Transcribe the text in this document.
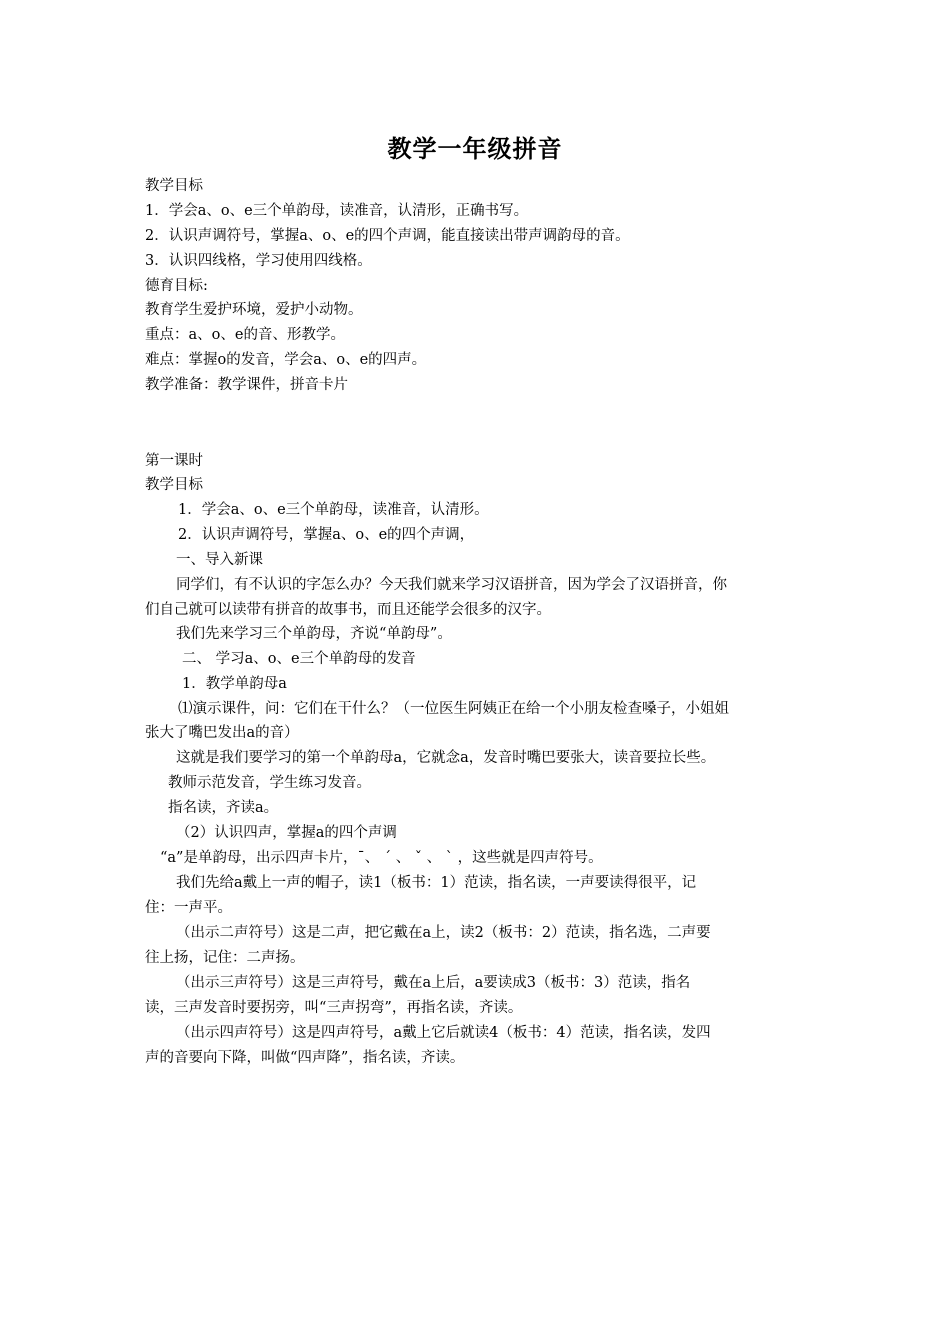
教学一年级拼音
教学目标
1．学会a、o、e三个单韵母，读准音，认清形，正确书写。
2．认识声调符号，掌握a、o、e的四个声调，能直接读出带声调韵母的音。
3．认识四线格，学习使用四线格。
德育目标:
教育学生爱护环境，爱护小动物。
重点：a、o、e的音、形教学。
难点：掌握o的发音，学会a、o、e的四声。
教学准备：教学课件，拼音卡片
第一课时
教学目标
1．学会a、o、e三个单韵母，读准音，认清形。
2．认识声调符号，掌握a、o、e的四个声调，
一、导入新课
同学们，有不认识的字怎么办？今天我们就来学习汉语拼音，因为学会了汉语拼音，你
们自己就可以读带有拼音的故事书，而且还能学会很多的汉字。
我们先来学习三个单韵母，齐说“单韵母”。
二、 学习a、o、e三个单韵母的发音
1．教学单韵母a
⑴演示课件，问：它们在干什么？（一位医生阿姨正在给一个小朋友检查嗓子，小姐姐
张大了嘴巴发出a的音）
这就是我们要学习的第一个单韵母a，它就念a，发音时嘴巴要张大，读音要拉长些。
教师示范发音，学生练习发音。
指名读，齐读a。
（2）认识四声，掌握a的四个声调
“a”是单韵母，出示四声卡片，ˉ、 ˊ 、 ˇ 、 ˋ ，这些就是四声符号。
我们先给a戴上一声的帽子，读1（板书：1）范读，指名读，一声要读得很平，记
住：一声平。
（出示二声符号）这是二声，把它戴在a上，读2（板书：2）范读，指名选，二声要
往上扬，记住：二声扬。
（出示三声符号）这是三声符号，戴在a上后，a要读成3（板书：3）范读，指名
读，三声发音时要拐旁，叫“三声拐弯”，再指名读，齐读。
（出示四声符号）这是四声符号，a戴上它后就读4（板书：4）范读，指名读，发四
声的音要向下降，叫做“四声降”，指名读，齐读。
